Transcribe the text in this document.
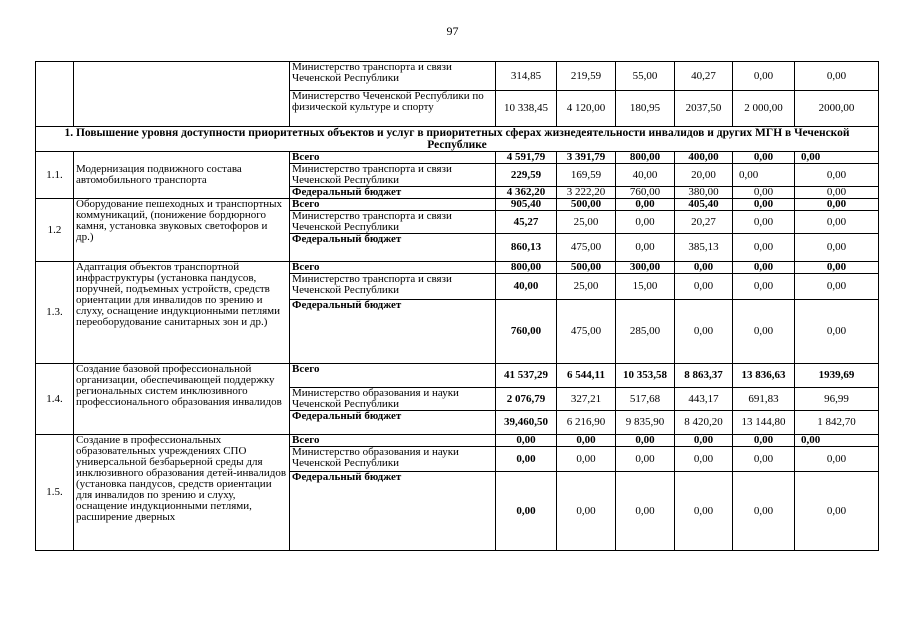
97
		Министерство транспорта и связи Чеченской Республики	314,85	219,59	55,00	40,27	0,00	0,00
		Министерство Чеченской Республики по физической культуре и спорту	10 338,45	4 120,00	180,95	2037,50	2 000,00	2000,00
1. Повышение уровня доступности приоритетных объектов и услуг в приоритетных сферах жизнедеятельности инвалидов и других МГН в Чеченской Республике								
1.1.	Модернизация подвижного состава автомобильного транспорта	Всего	4 591,79	3 391,79	800,00	400,00	0,00	0,00
		Министерство транспорта и связи Чеченской Республики	229,59	169,59	40,00	20,00	0,00	0,00
		Федеральный бюджет	4 362,20	3 222,20	760,00	380,00	0,00	0,00
1.2	Оборудование пешеходных и транспортных коммуникаций, (понижение бордюрного камня, установка звуковых светофоров и др.)	Всего	905,40	500,00	0,00	405,40	0,00	0,00
		Министерство транспорта и связи Чеченской Республики	45,27	25,00	0,00	20,27	0,00	0,00
		Федеральный бюджет	860,13	475,00	0,00	385,13	0,00	0,00
1.3.	Адаптация объектов транспортной инфраструктуры (установка пандусов, поручней, подъемных устройств, средств ориентации для инвалидов по зрению и слуху, оснащение индукционными петлями переоборудование санитарных зон и др.)	Всего	800,00	500,00	300,00	0,00	0,00	0,00
		Министерство транспорта и связи Чеченской Республики	40,00	25,00	15,00	0,00	0,00	0,00
		Федеральный бюджет	760,00	475,00	285,00	0,00	0,00	0,00
1.4.	Создание базовой профессиональной организации, обеспечивающей поддержку региональных систем инклюзивного профессионального образования инвалидов	Всего	41 537,29	6 544,11	10 353,58	8 863,37	13 836,63	1939,69
		Министерство образования и науки Чеченской Республики	2 076,79	327,21	517,68	443,17	691,83	96,99
		Федеральный бюджет	39,460,50	6 216,90	9 835,90	8 420,20	13 144,80	1 842,70
1.5.	Создание в профессиональных образовательных учреждениях СПО универсальной безбарьерной среды для инклюзивного образования детей-инвалидов (установка пандусов, средств ориентации для инвалидов по зрению и слуху, оснащение индукционными петлями, расширение дверных	Всего	0,00	0,00	0,00	0,00	0,00	0,00
		Министерство образования и науки Чеченской Республики	0,00	0,00	0,00	0,00	0,00	0,00
		Федеральный бюджет	0,00	0,00	0,00	0,00	0,00	0,00
